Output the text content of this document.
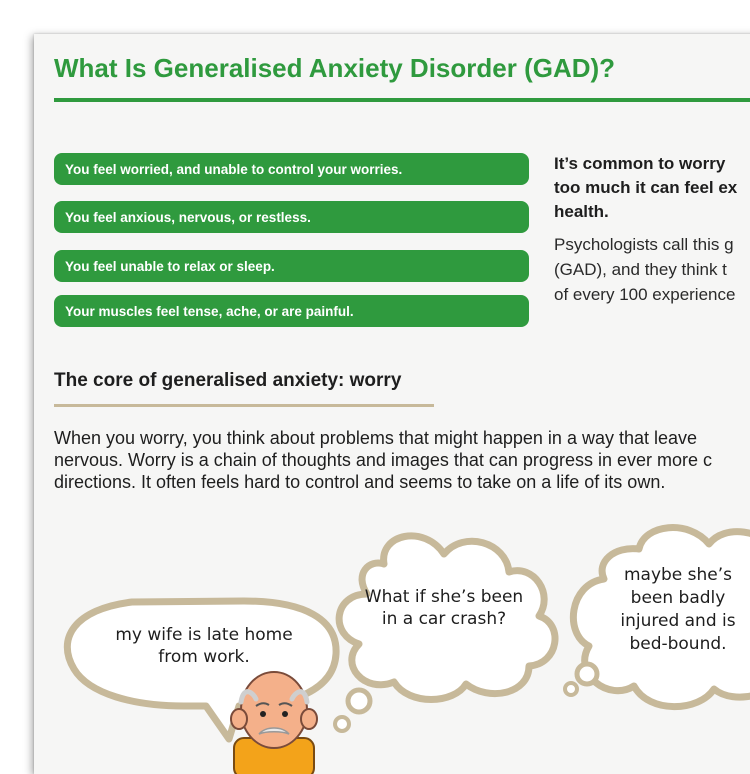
What Is Generalised Anxiety Disorder (GAD)?
You feel worried, and unable to control your worries.
You feel anxious, nervous, or restless.
You feel unable to relax or sleep.
Your muscles feel tense, ache, or are painful.
It’s common to worry
too much it can feel ex
health.
Psychologists call this g
(GAD), and they think t
of every 100 experience
The core of generalised anxiety: worry
When you worry, you think about problems that might happen in a way that leave
nervous. Worry is a chain of thoughts and images that can progress in ever more c
directions. It often feels hard to control and seems to take on a life of its own.
my wife is late home
from work.
What if she’s been
in a car crash?
maybe she’s
been badly
injured and is
bed-bound.
